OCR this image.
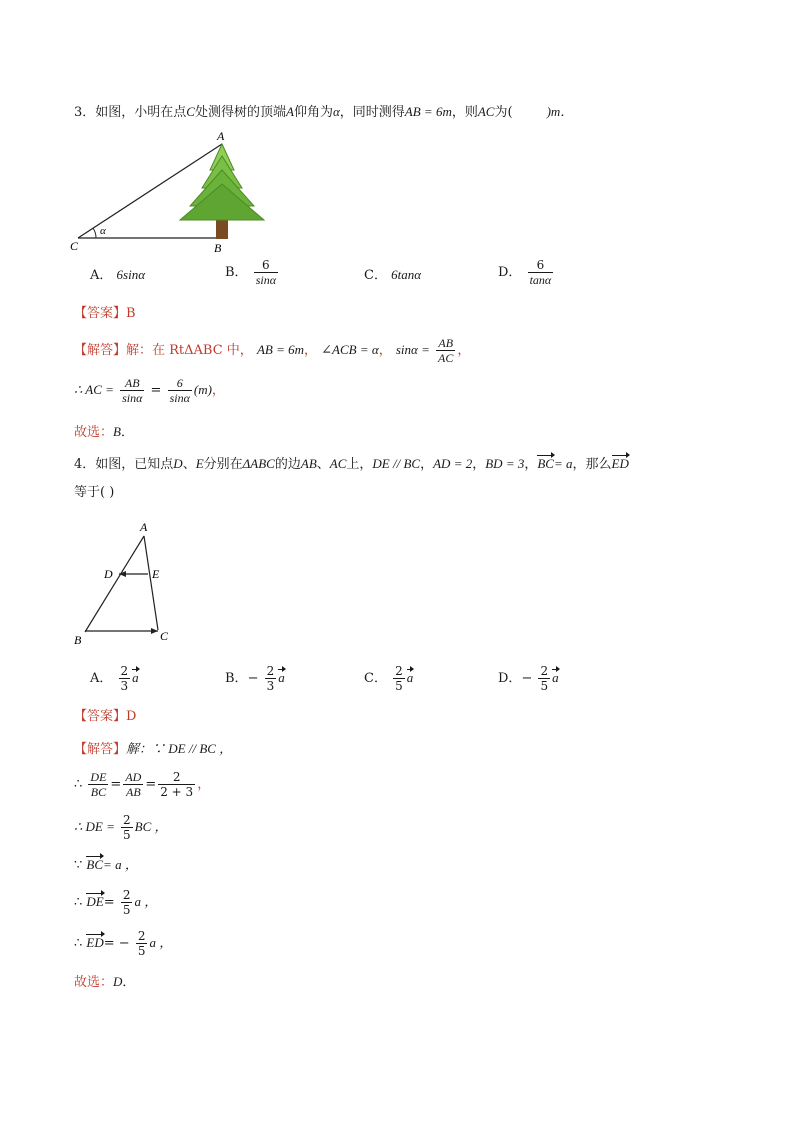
3．如图，小明在点C处测得树的顶端A仰角为α，同时测得AB = 6m，则AC为(	)m．
A
B
C
α
A． 6sinα	B． $\frac{6}{\sin\alpha}$	C． 6tanα	D． $\frac{6}{\tan\alpha}$
【答案】B
【解答】解：在 RtΔABC 中， AB = 6m， ∠ACB = α， $\sin\alpha = \frac{AB}{AC}$ ，
∴ AC = $\frac{AB}{\sin\alpha} = \frac{6}{\sin\alpha} (m)$，
故选：B．
4．如图，已知点D、E分别在ΔABC的边AB、AC上，DE // BC，AD = 2，BD = 3，BC= a，那么ED
等于( )
A
D	E
B	C
A． $\frac{2}{3}$ a	B．− $\frac{2}{3}$ a	C． $\frac{2}{5}$ a	D．− $\frac{2}{5}$ a
【答案】D
【解答】解：∵ DE // BC ，
∴ $\frac{DE}{BC} = \frac{AD}{AB} = \frac{2}{2 + 3}$ ，
∴ DE = $\frac{2}{5}$ BC ，
∵ BC= a ，
∴ $DE= \frac{2}{5}$ a ，
∴ $ED= - \frac{2}{5}$ a ，
故选：D．
